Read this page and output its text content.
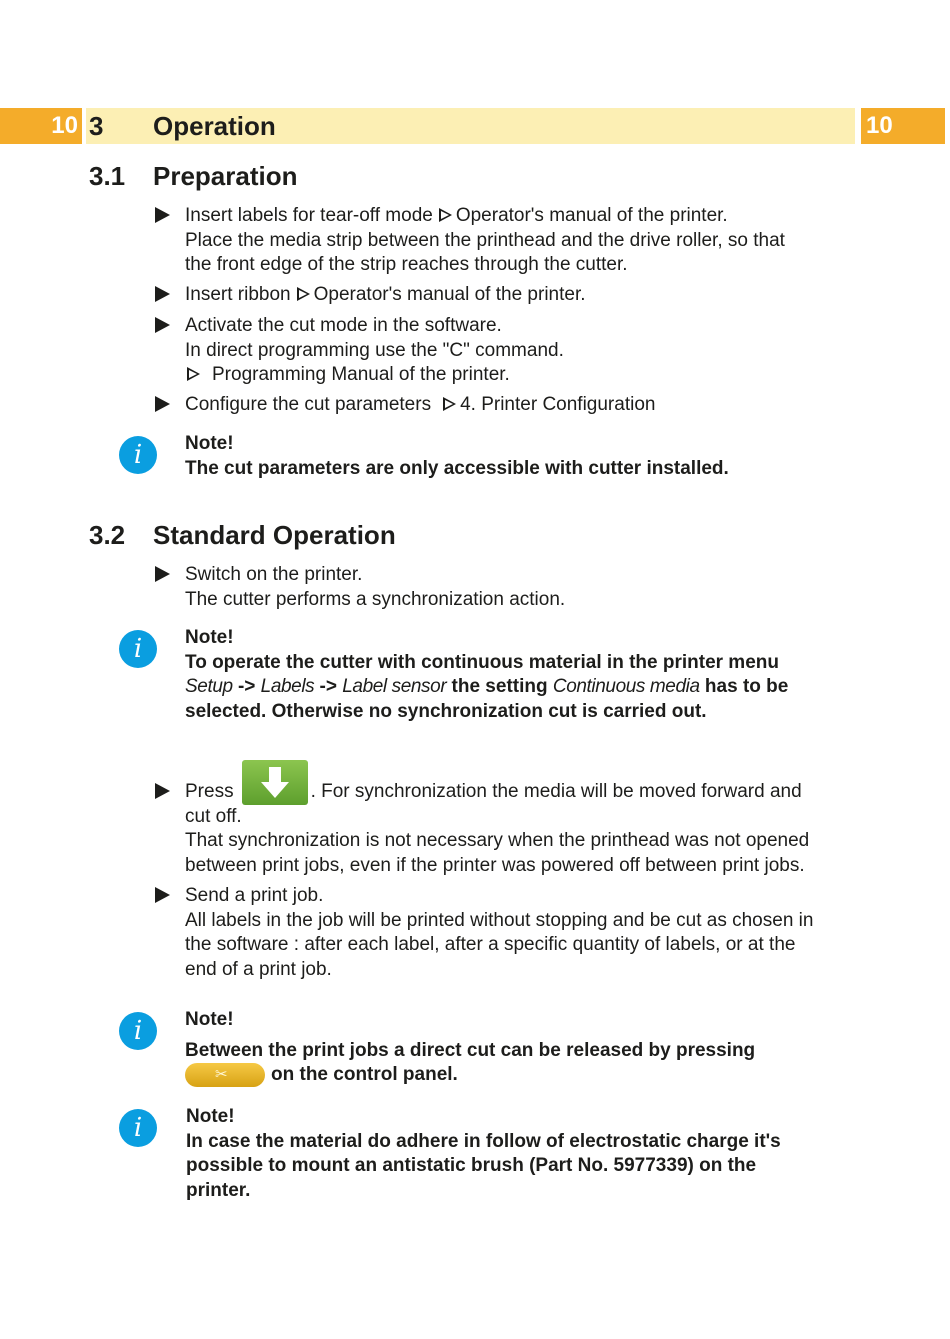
10 3 Operation	10
3.1 Preparation
Insert labels for tear-off mode Operator's manual of the printer.
Place the media strip between the printhead and the drive roller, so that
the front edge of the strip reaches through the cutter.
Insert ribbon Operator's manual of the printer.
Activate the cut mode in the software.
In direct programming use the "C" command.
Programming Manual of the printer.
Configure the cut parameters 4. Printer Configuration
i	Note!
The cut parameters are only accessible with cutter installed.
3.2 Standard Operation
Switch on the printer.
The cutter performs a synchronization action.
i	Note!
To operate the cutter with continuous material in the printer menu
Setup -> Labels -> Label sensor the setting Continuous media has to be
selected. Otherwise no synchronization cut is carried out.
Press	. For synchronization the media will be moved forward and
cut off.
That synchronization is not necessary when the printhead was not opened
between print jobs, even if the printer was powered off between print jobs.
Send a print job.
All labels in the job will be printed without stopping and be cut as chosen in
the software : after each label, after a specific quantity of labels, or at the
end of a print job.
i	Note!
Between the print jobs a direct cut can be released by pressing
✂ on the control panel.
i	Note!
In case the material do adhere in follow of electrostatic charge it's
possible to mount an antistatic brush (Part No. 5977339) on the
printer.
